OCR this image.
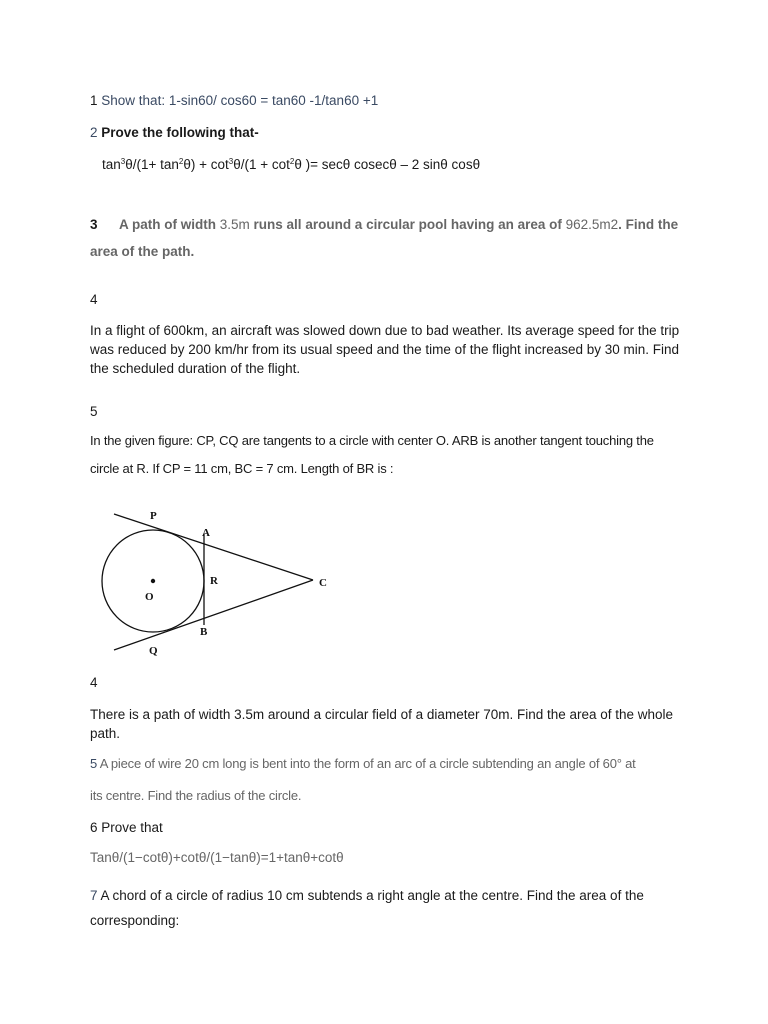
1 Show that: 1-sin60/ cos60 = tan60 -1/tan60 +1
2 Prove the following that-
$\tan^3\theta/(1+ \tan^2\theta) + \cot^3\theta/(1 + \cot^2\theta$ )= secθ cosecθ – 2 sinθ cosθ
3 A path of width 3.5m runs all around a circular pool having an area of 962.5m2. Find the
area of the path.
4
In a flight of 600km, an aircraft was slowed down due to bad weather. Its average speed for the trip was reduced by 200 km/hr from its usual speed and the time of the flight increased by 30 min. Find the scheduled duration of the flight.
5
In the given figure: CP, CQ are tangents to a circle with center O. ARB is another tangent touching the
circle at R. If CP = 11 cm, BC = 7 cm. Length of BR is :
P
A
R	C
O
B
Q
4
There is a path of width 3.5m around a circular field of a diameter 70m. Find the area of the whole path.
5 A piece of wire 20 cm long is bent into the form of an arc of a circle subtending an angle of 60° at
its centre. Find the radius of the circle.
6 Prove that
Tanθ/(1−cotθ)+cotθ/(1−tanθ)=1+tanθ+cotθ
7 A chord of a circle of radius 10 cm subtends a right angle at the centre. Find the area of the
corresponding:
